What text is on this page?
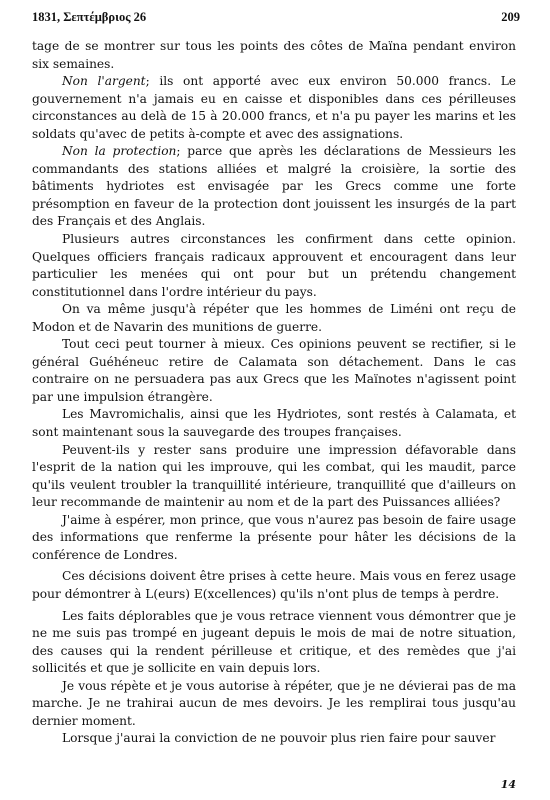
1831, Σεπτέμβριος 26	209

tage de se montrer sur tous les points des côtes de Maïna pendant environ six semaines.

Non l'argent; ils ont apporté avec eux environ 50.000 francs. Le gouvernement n'a jamais eu en caisse et disponibles dans ces périlleuses circonstances au delà de 15 à 20.000 francs, et n'a pu payer les marins et les soldats qu'avec de petits à-compte et avec des assignations.

Non la protection; parce que après les déclarations de Messieurs les commandants des stations alliées et malgré la croisière, la sortie des bâtiments hydriotes est envisagée par les Grecs comme une forte présomption en faveur de la protection dont jouissent les insurgés de la part des Français et des Anglais.

Plusieurs autres circonstances les confirment dans cette opinion. Quelques officiers français radicaux approuvent et encouragent dans leur particulier les menées qui ont pour but un prétendu changement constitutionnel dans l'ordre intérieur du pays.

On va même jusqu'à répéter que les hommes de Liméni ont reçu de Modon et de Navarin des munitions de guerre.

Tout ceci peut tourner à mieux. Ces opinions peuvent se rectifier, si le général Guéhéneuc retire de Calamata son détachement. Dans le cas contraire on ne persuadera pas aux Grecs que les Maïnotes n'agissent point par une impulsion étrangère.

Les Mavromichalis, ainsi que les Hydriotes, sont restés à Calamata, et sont maintenant sous la sauvegarde des troupes françaises.

Peuvent-ils y rester sans produire une impression défavorable dans l'esprit de la nation qui les improuve, qui les combat, qui les maudit, parce qu'ils veulent troubler la tranquillité intérieure, tranquillité que d'ailleurs on leur recommande de maintenir au nom et de la part des Puissances alliées?

J'aime à espérer, mon prince, que vous n'aurez pas besoin de faire usage des informations que renferme la présente pour hâter les décisions de la conférence de Londres.

Ces décisions doivent être prises à cette heure. Mais vous en ferez usage pour démontrer à L(eurs) E(xcellences) qu'ils n'ont plus de temps à perdre.

Les faits déplorables que je vous retrace viennent vous démontrer que je ne me suis pas trompé en jugeant depuis le mois de mai de notre situation, des causes qui la rendent périlleuse et critique, et des remèdes que j'ai sollicités et que je sollicite en vain depuis lors.

Je vous répète et je vous autorise à répéter, que je ne dévierai pas de ma marche. Je ne trahirai aucun de mes devoirs. Je les remplirai tous jusqu'au dernier moment.

Lorsque j'aurai la conviction de ne pouvoir plus rien faire pour sauver

14
